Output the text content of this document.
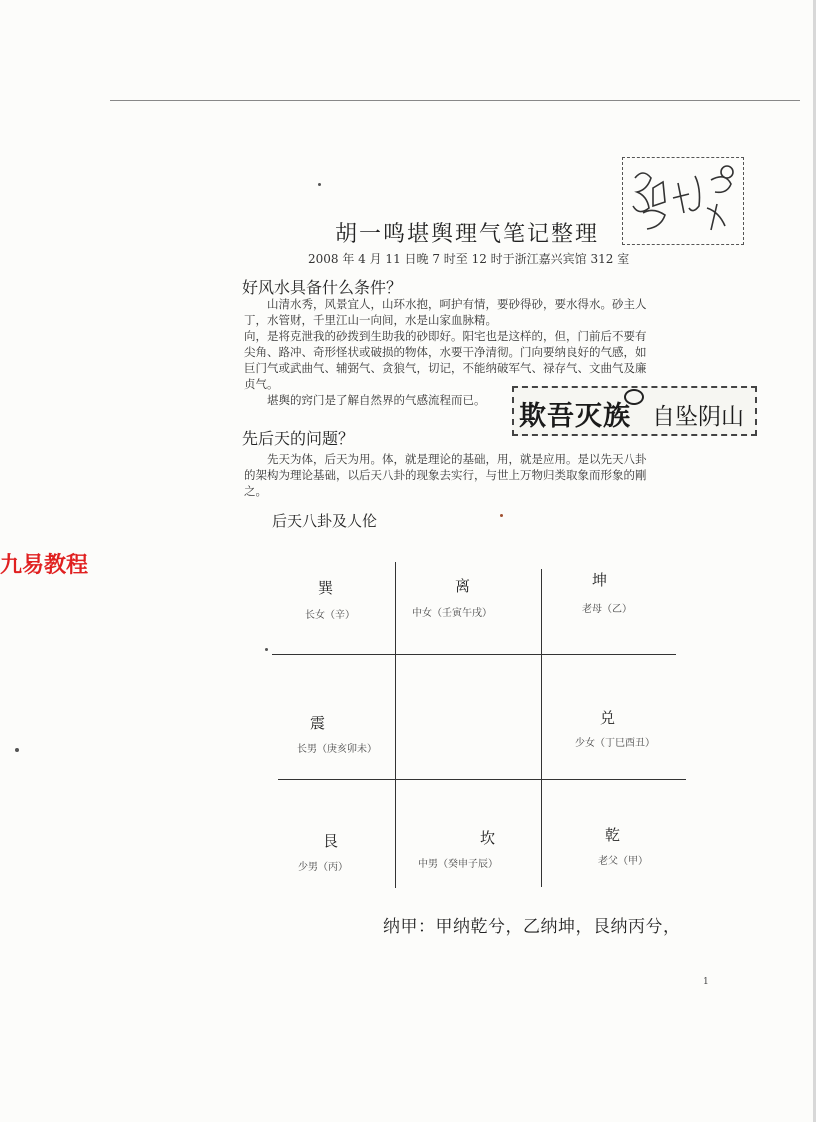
胡一鸣堪舆理气笔记整理
2008 年 4 月 11 日晚 7 时至 12 时于浙江嘉兴宾馆 312 室
好风水具备什么条件？

山清水秀，风景宜人，山环水抱，呵护有情，要砂得砂，要水得水。砂主人

丁，水管财，千里江山一向间，水是山家血脉精。

向，是将克泄我的砂拨到生助我的砂即好。阳宅也是这样的，但，门前后不要有

尖角、路冲、奇形怪状或破损的物体，水要干净清彻。门向要纳良好的气感，如

巨门气或武曲气、辅弼气、贪狼气，切记，不能纳破军气、禄存气、文曲气及廉

贞气。

堪舆的窍门是了解自然界的气感流程而已。

先后天的问题？

先天为体，后天为用。体，就是理论的基础，用，就是应用。是以先天八卦

的架构为理论基础，以后天八卦的现象去实行，与世上万物归类取象而形象的剛

之。

后天八卦及人伦
欺吾灭族 自坠阴山
九易教程
巽
长女（辛）
离
中女（壬寅午戌）
坤
老母（乙）
震
长男（庚亥卯未）
兑
少女（丁巳酉丑）
艮
少男（丙）
坎
中男（癸申子辰）
乾
老父（甲）
纳甲：甲纳乾兮，乙纳坤，艮纳丙兮，
1
